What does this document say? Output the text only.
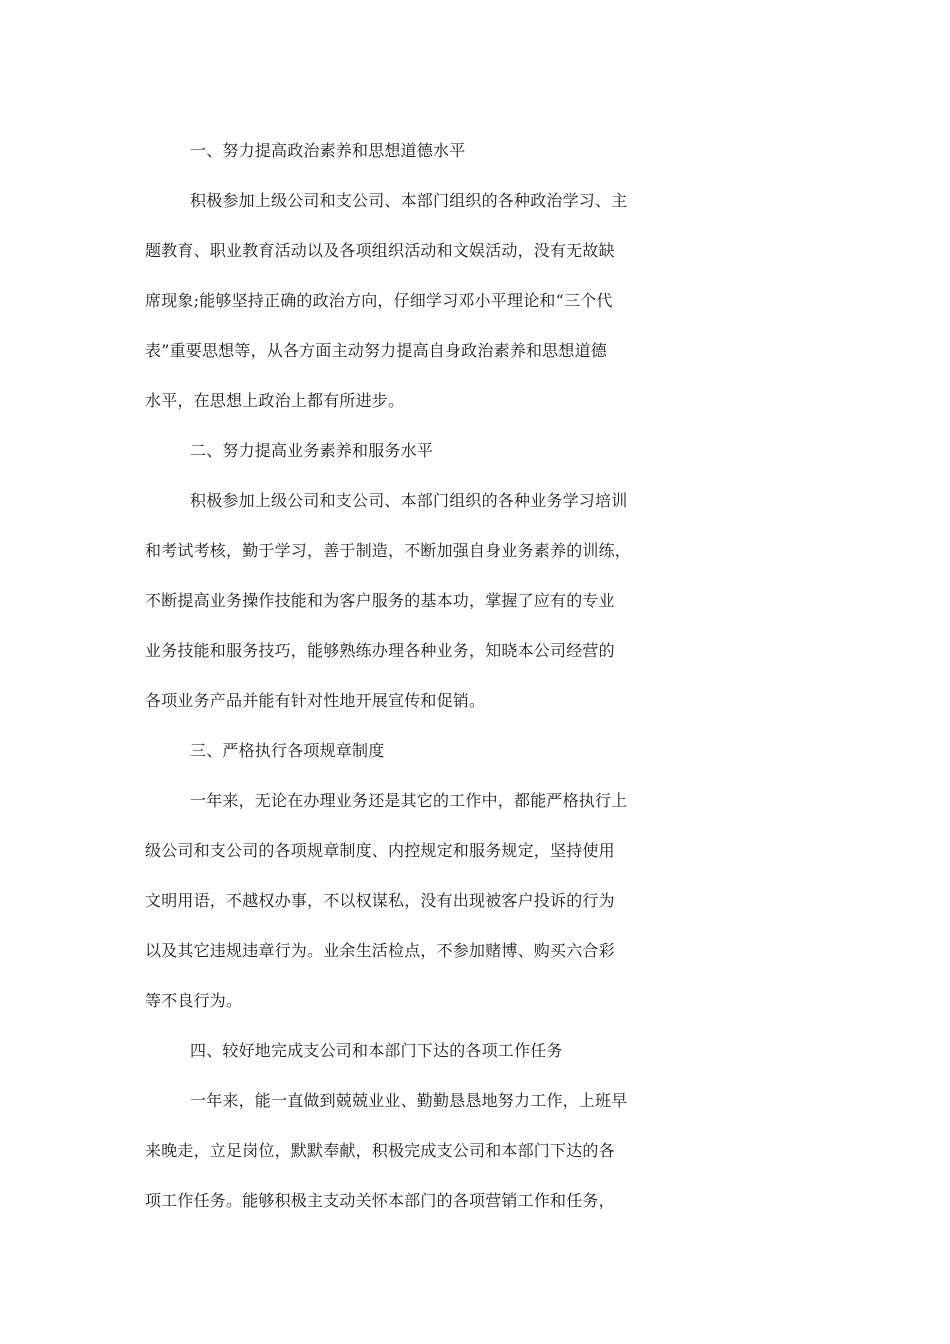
一、努力提高政治素养和思想道德水平
积极参加上级公司和支公司、本部门组织的各种政治学习、主
题教育、职业教育活动以及各项组织活动和文娱活动，没有无故缺
席现象;能够坚持正确的政治方向，仔细学习邓小平理论和“三个代
表”重要思想等，从各方面主动努力提高自身政治素养和思想道德
水平，在思想上政治上都有所进步。
二、努力提高业务素养和服务水平
积极参加上级公司和支公司、本部门组织的各种业务学习培训
和考试考核，勤于学习，善于制造，不断加强自身业务素养的训练，
不断提高业务操作技能和为客户服务的基本功，掌握了应有的专业
业务技能和服务技巧，能够熟练办理各种业务，知晓本公司经营的
各项业务产品并能有针对性地开展宣传和促销。
三、严格执行各项规章制度
一年来，无论在办理业务还是其它的工作中，都能严格执行上
级公司和支公司的各项规章制度、内控规定和服务规定，坚持使用
文明用语，不越权办事，不以权谋私，没有出现被客户投诉的行为
以及其它违规违章行为。业余生活检点，不参加赌博、购买六合彩
等不良行为。
四、较好地完成支公司和本部门下达的各项工作任务
一年来，能一直做到兢兢业业、勤勤恳恳地努力工作，上班早
来晚走，立足岗位，默默奉献，积极完成支公司和本部门下达的各
项工作任务。能够积极主支动关怀本部门的各项营销工作和任务，
